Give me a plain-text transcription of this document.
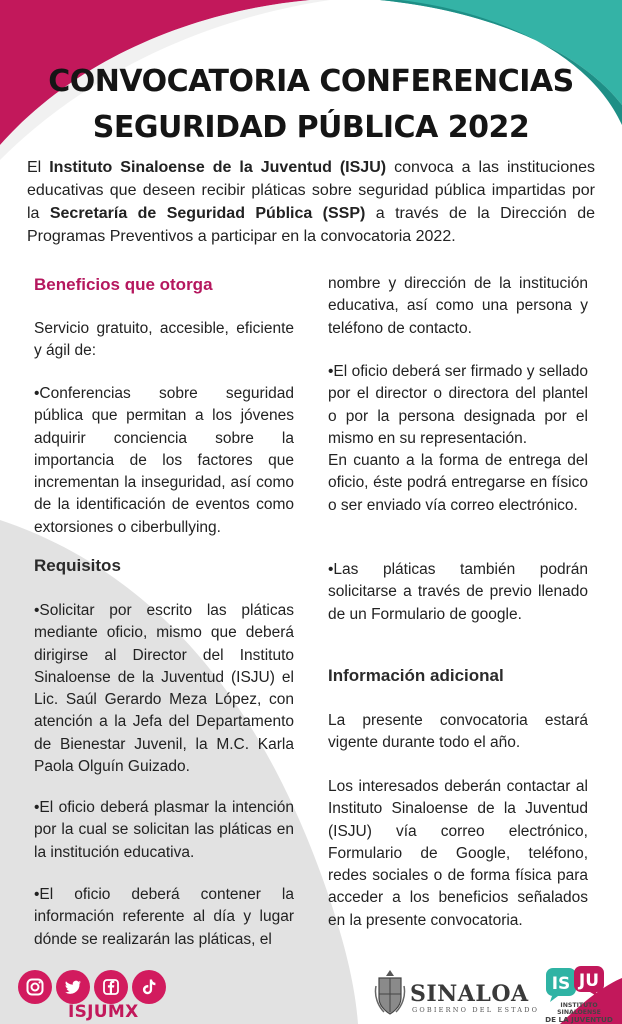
CONVOCATORIA CONFERENCIAS
SEGURIDAD PÚBLICA 2022
El Instituto Sinaloense de la Juventud (ISJU) convoca a las instituciones educativas que deseen recibir pláticas sobre seguridad pública impartidas por la Secretaría de Seguridad Pública (SSP) a través de la Dirección de Programas Preventivos a participar en la convocatoria 2022.
Beneficios que otorga

Servicio gratuito, accesible, eficiente y ágil de:

•Conferencias sobre seguridad pública que permitan a los jóvenes adquirir conciencia sobre la importancia de los factores que incrementan la inseguridad, así como de la identificación de eventos como extorsiones o ciberbullying.

Requisitos

•Solicitar por escrito las pláticas mediante oficio, mismo que deberá dirigirse al Director del Instituto Sinaloense de la Juventud (ISJU) el Lic. Saúl Gerardo Meza López, con atención a la Jefa del Departamento de Bienestar Juvenil, la M.C. Karla Paola Olguín Guizado.

•El oficio deberá plasmar la intención por la cual se solicitan las pláticas en la institución educativa.

•El oficio deberá contener la información referente al día y lugar dónde se realizarán las pláticas, el

nombre y dirección de la institución educativa, así como una persona y teléfono de contacto.

•El oficio deberá ser firmado y sellado por el director o directora del plantel o por la persona designada por el mismo en su representación.

En cuanto a la forma de entrega del oficio, éste podrá entregarse en físico o ser enviado vía correo electrónico.

•Las pláticas también podrán solicitarse a través de previo llenado de un Formulario de google.

Información adicional

La presente convocatoria estará vigente durante todo el año.

Los interesados deberán contactar al Instituto Sinaloense de la Juventud (ISJU) vía correo electrónico, Formulario de Google, teléfono, redes sociales o de forma física para acceder a los beneficios señalados en la presente convocatoria.

ISJUMX
SINALOA
GOBIERNO DEL ESTADO
IS JU
INSTITUTO SINALOENSE
DE LA JUVENTUD
